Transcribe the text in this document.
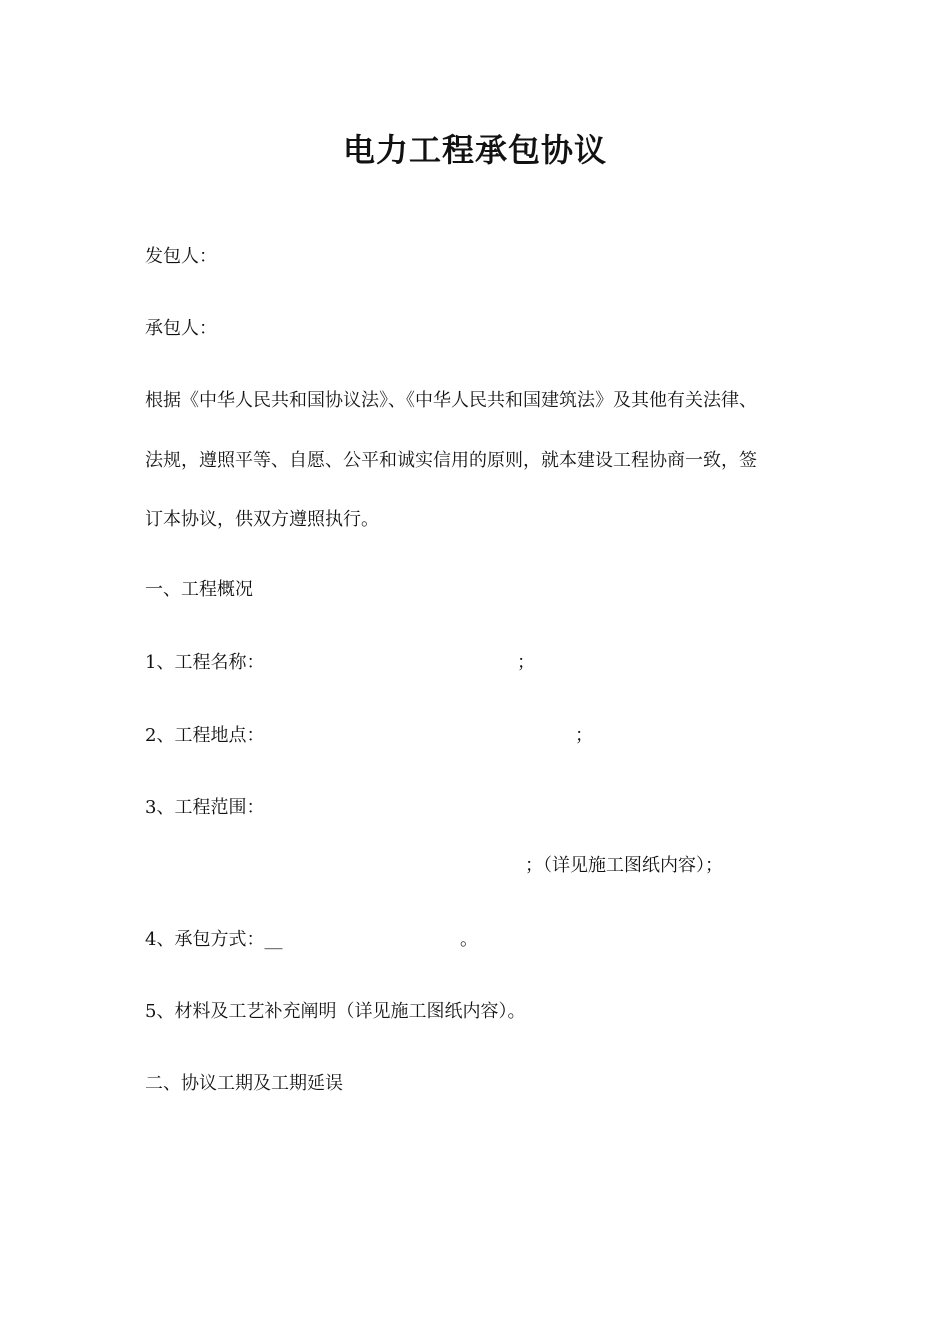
电力工程承包协议
发包人：
承包人：
根据《中华人民共和国协议法》、《中华人民共和国建筑法》及其他有关法律、
法规，遵照平等、自愿、公平和诚实信用的原则，就本建设工程协商一致，签
订本协议，供双方遵照执行。
一、工程概况
1、工程名称：	；
2、工程地点：	；
3、工程范围：
；（详见施工图纸内容）；
4、承包方式：__	。
5、材料及工艺补充阐明（详见施工图纸内容）。
二、协议工期及工期延误
